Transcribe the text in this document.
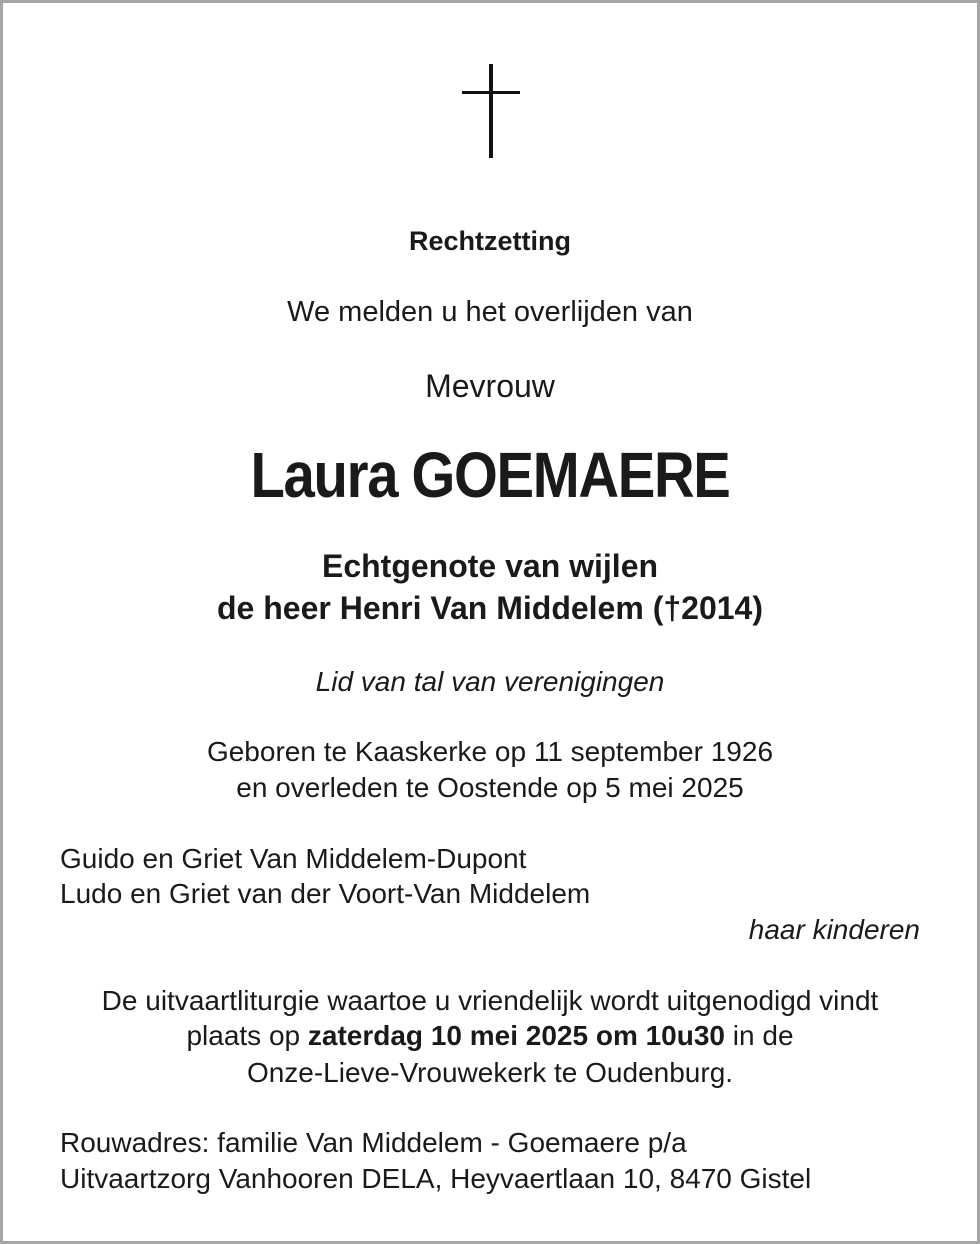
Rechtzetting
We melden u het overlijden van
Mevrouw
Laura GOEMAERE
Echtgenote van wijlen
de heer Henri Van Middelem (†2014)
Lid van tal van verenigingen
Geboren te Kaaskerke op 11 september 1926
en overleden te Oostende op 5 mei 2025
Guido en Griet Van Middelem-Dupont
Ludo en Griet van der Voort-Van Middelem
haar kinderen
De uitvaartliturgie waartoe u vriendelijk wordt uitgenodigd vindt
plaats op zaterdag 10 mei 2025 om 10u30 in de
Onze-Lieve-Vrouwekerk te Oudenburg.
Rouwadres: familie Van Middelem - Goemaere p/a
Uitvaartzorg Vanhooren DELA, Heyvaertlaan 10, 8470 Gistel
